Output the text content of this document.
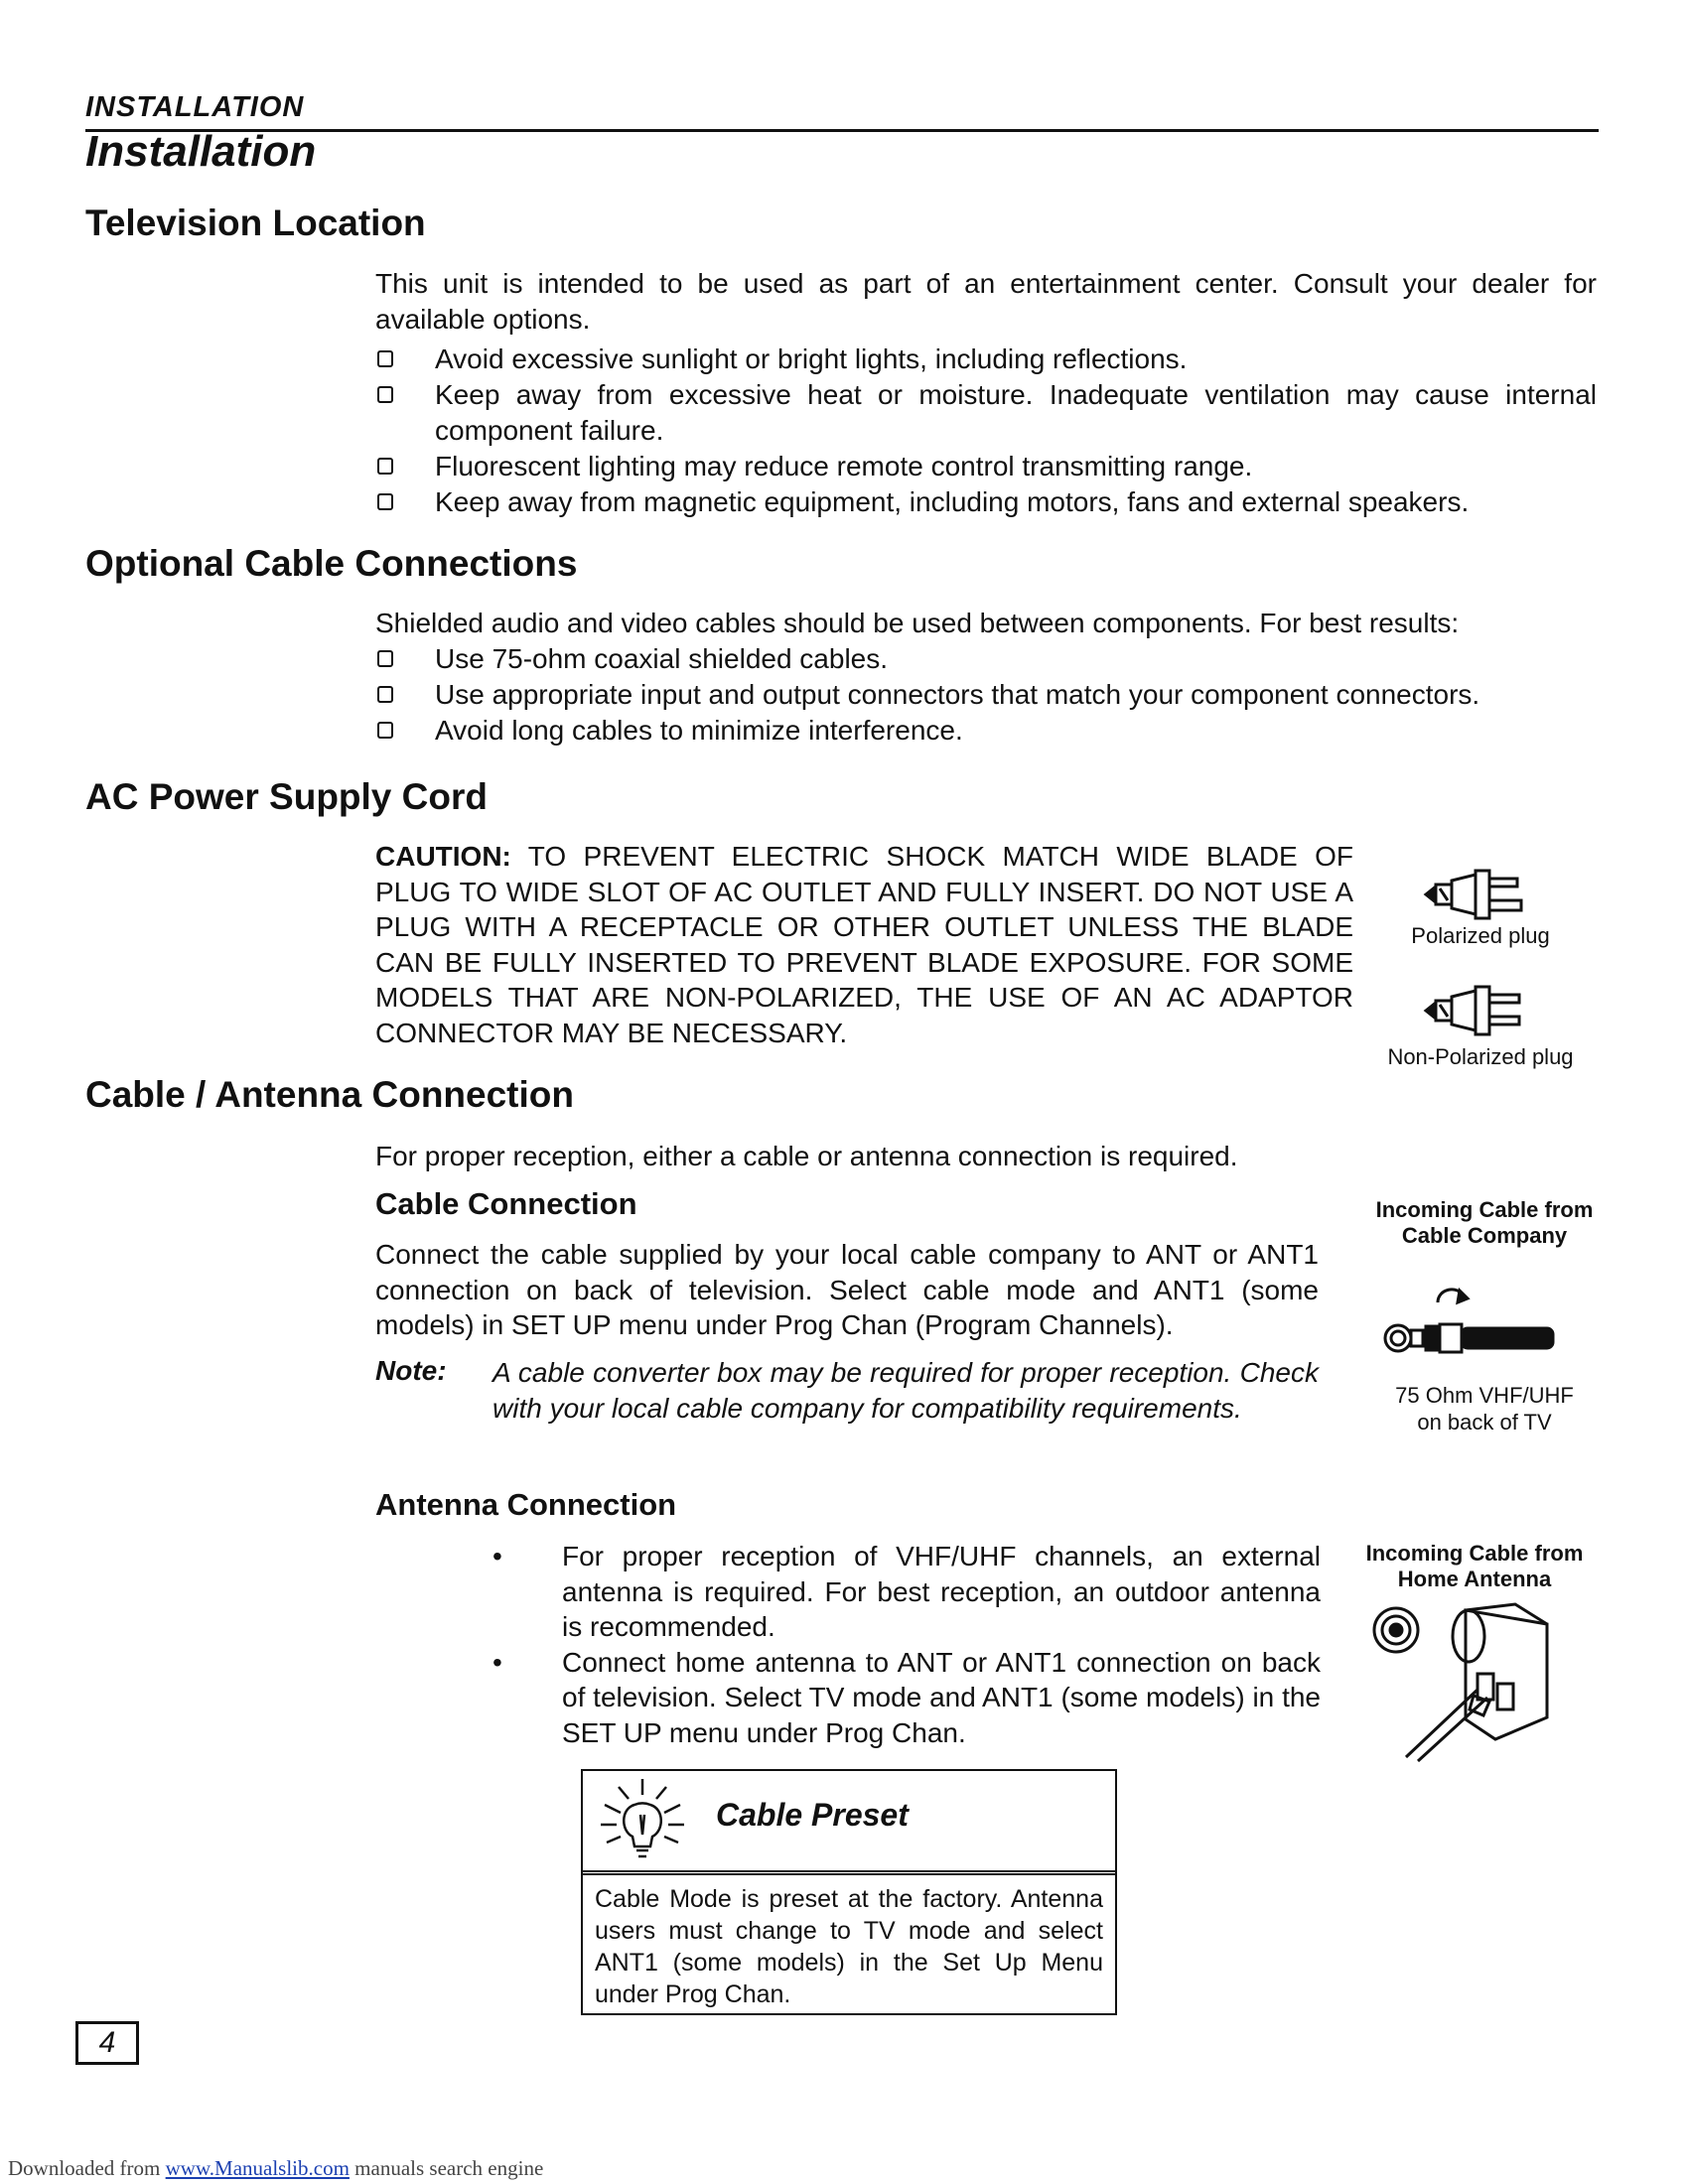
INSTALLATION
Installation
Television Location
This unit is intended to be used as part of an entertainment center. Consult your dealer for available options.
Avoid excessive sunlight or bright lights, including reflections.
Keep away from excessive heat or moisture. Inadequate ventilation may cause internal component failure.
Fluorescent lighting may reduce remote control transmitting range.
Keep away from magnetic equipment, including motors, fans and external speakers.
Optional Cable Connections
Shielded audio and video cables should be used between components. For best results:
Use 75-ohm coaxial shielded cables.
Use appropriate input and output connectors that match your component connectors.
Avoid long cables to minimize interference.
AC Power Supply Cord
CAUTION: TO PREVENT ELECTRIC SHOCK MATCH WIDE BLADE OF PLUG TO WIDE SLOT OF AC OUTLET AND FULLY INSERT. DO NOT USE A PLUG WITH A RECEPTACLE OR OTHER OUTLET UNLESS THE BLADE CAN BE FULLY INSERTED TO PREVENT BLADE EXPOSURE. FOR SOME MODELS THAT ARE NON-POLARIZED, THE USE OF AN AC ADAPTOR CONNECTOR MAY BE NECESSARY.
Polarized plug
Non-Polarized plug
Cable / Antenna Connection
For proper reception, either a cable or antenna connection is required.
Cable Connection
Connect the cable supplied by your local cable company to ANT or ANT1 connection on back of television. Select cable mode and ANT1 (some models) in SET UP menu under Prog Chan (Program Channels).
Note: A cable converter box may be required for proper reception. Check with your local cable company for compatibility requirements.
Incoming Cable from
Cable Company
75 Ohm VHF/UHF
on back of TV
Antenna Connection
• For proper reception of VHF/UHF channels, an external antenna is required. For best reception, an outdoor antenna is recommended.
• Connect home antenna to ANT or ANT1 connection on back of television. Select TV mode and ANT1 (some models) in the SET UP menu under Prog Chan.
Incoming Cable from
Home Antenna
Cable Preset
Cable Mode is preset at the factory. Antenna users must change to TV mode and select ANT1 (some models) in the Set Up Menu under Prog Chan.
4
Downloaded from www.Manualslib.com manuals search engine
